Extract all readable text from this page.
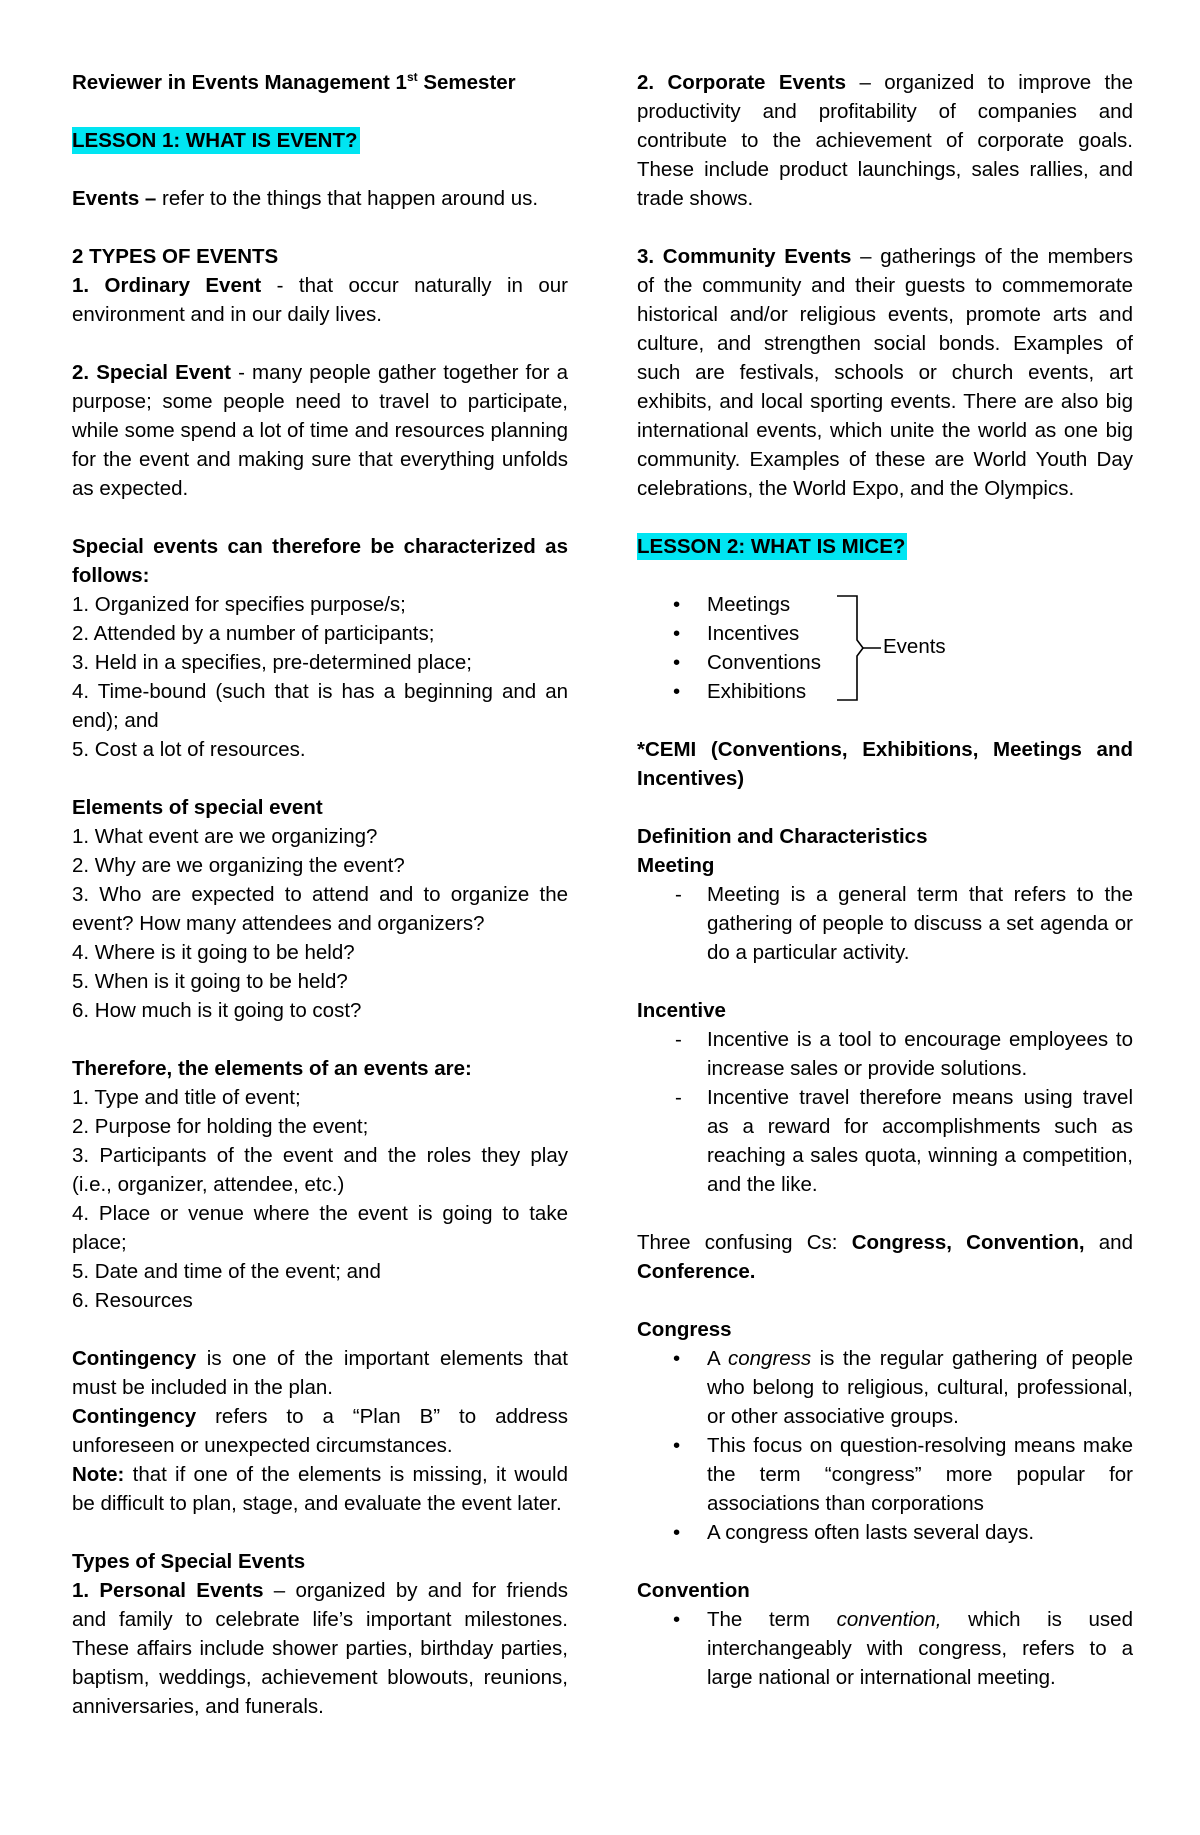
Reviewer in Events Management 1st Semester

LESSON 1: WHAT IS EVENT?

Events – refer to the things that happen around us.

2 TYPES OF EVENTS

1. Ordinary Event - that occur naturally in our environment and in our daily lives.

2. Special Event - many people gather together for a purpose; some people need to travel to participate, while some spend a lot of time and resources planning for the event and making sure that everything unfolds as expected.

Special events can therefore be characterized as follows:

1. Organized for specifies purpose/s;

2. Attended by a number of participants;

3. Held in a specifies, pre-determined place;

4. Time-bound (such that is has a beginning and an end); and

5. Cost a lot of resources.

Elements of special event

1. What event are we organizing?

2. Why are we organizing the event?

3. Who are expected to attend and to organize the event? How many attendees and organizers?

4. Where is it going to be held?

5. When is it going to be held?

6. How much is it going to cost?

Therefore, the elements of an events are:

1. Type and title of event;

2. Purpose for holding the event;

3. Participants of the event and the roles they play (i.e., organizer, attendee, etc.)

4. Place or venue where the event is going to take place;

5. Date and time of the event; and

6. Resources

Contingency is one of the important elements that must be included in the plan.

Contingency refers to a “Plan B” to address unforeseen or unexpected circumstances.

Note: that if one of the elements is missing, it would be difficult to plan, stage, and evaluate the event later.

Types of Special Events

1. Personal Events – organized by and for friends and family to celebrate life’s important milestones. These affairs include shower parties, birthday parties, baptism, weddings, achievement blowouts, reunions, anniversaries, and funerals.

2. Corporate Events – organized to improve the productivity and profitability of companies and contribute to the achievement of corporate goals. These include product launchings, sales rallies, and trade shows.

3. Community Events – gatherings of the members of the community and their guests to commemorate historical and/or religious events, promote arts and culture, and strengthen social bonds. Examples of such are festivals, schools or church events, art exhibits, and local sporting events. There are also big international events, which unite the world as one big community. Examples of these are World Youth Day celebrations, the World Expo, and the Olympics.

LESSON 2: WHAT IS MICE?

• Meetings
• Incentives
• Conventions
• Exhibitions
Events

*CEMI (Conventions, Exhibitions, Meetings and Incentives)

Definition and Characteristics

Meeting

- Meeting is a general term that refers to the gathering of people to discuss a set agenda or do a particular activity.

Incentive

- Incentive is a tool to encourage employees to increase sales or provide solutions.
- Incentive travel therefore means using travel as a reward for accomplishments such as reaching a sales quota, winning a competition, and the like.

Three confusing Cs: Congress, Convention, and Conference.

Congress

• A congress is the regular gathering of people who belong to religious, cultural, professional, or other associative groups.
• This focus on question-resolving means make the term “congress” more popular for associations than corporations
• A congress often lasts several days.

Convention

• The term convention, which is used interchangeably with congress, refers to a large national or international meeting.
